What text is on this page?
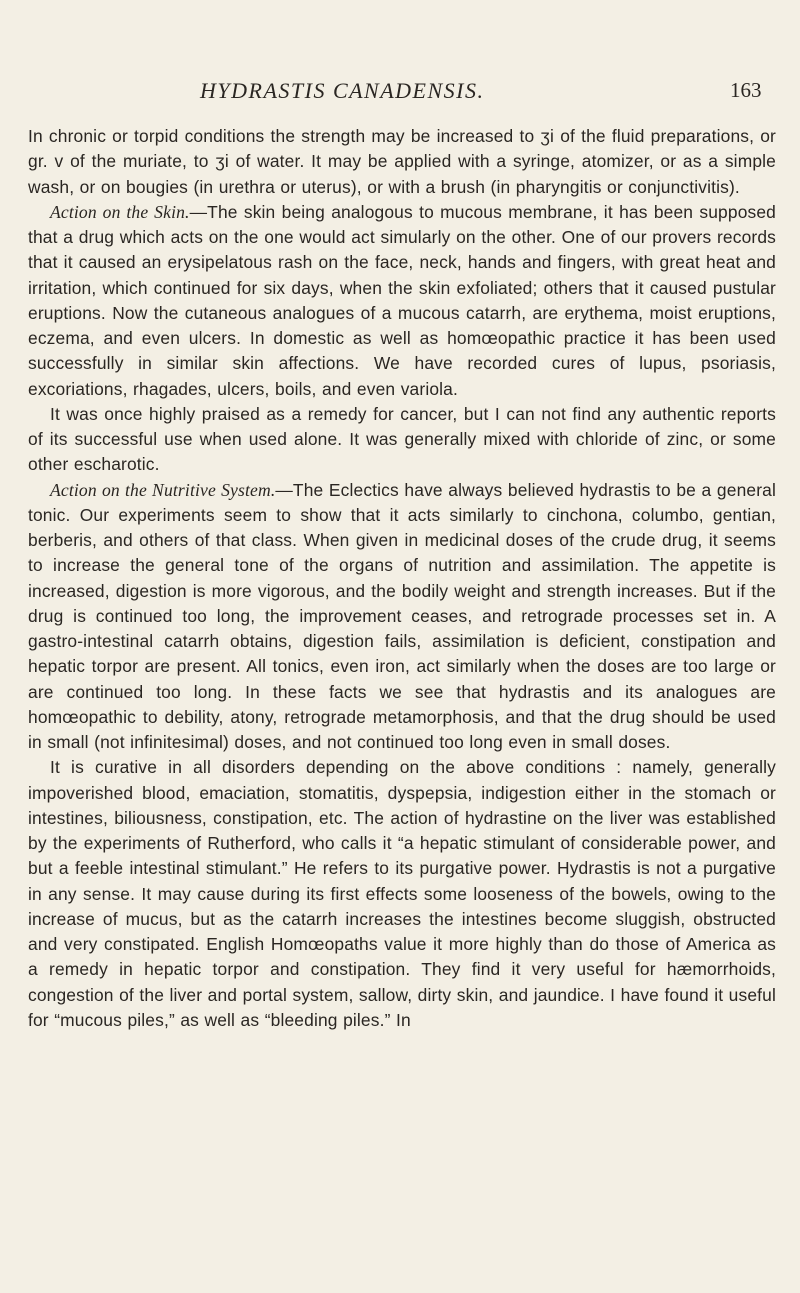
HYDRASTIS CANADENSIS.	163

In chronic or torpid conditions the strength may be increased to ʒi of the fluid preparations, or gr. v of the muriate, to ʒi of water. It may be applied with a syringe, atomizer, or as a simple wash, or on bougies (in urethra or uterus), or with a brush (in pharyngitis or conjunctivitis).

Action on the Skin.—The skin being analogous to mucous membrane, it has been supposed that a drug which acts on the one would act simularly on the other. One of our provers records that it caused an erysipelatous rash on the face, neck, hands and fingers, with great heat and irritation, which continued for six days, when the skin exfoliated; others that it caused pustular eruptions. Now the cutaneous analogues of a mucous catarrh, are erythema, moist eruptions, eczema, and even ulcers. In domestic as well as homœopathic practice it has been used successfully in similar skin affections. We have recorded cures of lupus, psoriasis, excoriations, rhagades, ulcers, boils, and even variola.

It was once highly praised as a remedy for cancer, but I can not find any authentic reports of its successful use when used alone. It was generally mixed with chloride of zinc, or some other escharotic.

Action on the Nutritive System.—The Eclectics have always believed hydrastis to be a general tonic. Our experiments seem to show that it acts similarly to cinchona, columbo, gentian, berberis, and others of that class. When given in medicinal doses of the crude drug, it seems to increase the general tone of the organs of nutrition and assimilation. The appetite is increased, digestion is more vigorous, and the bodily weight and strength increases. But if the drug is continued too long, the improvement ceases, and retrograde processes set in. A gastro-intestinal catarrh obtains, digestion fails, assimilation is deficient, constipation and hepatic torpor are present. All tonics, even iron, act similarly when the doses are too large or are continued too long. In these facts we see that hydrastis and its analogues are homœopathic to debility, atony, retrograde metamorphosis, and that the drug should be used in small (not infinitesimal) doses, and not continued too long even in small doses.

It is curative in all disorders depending on the above conditions : namely, generally impoverished blood, emaciation, stomatitis, dyspepsia, indigestion either in the stomach or intestines, biliousness, constipation, etc. The action of hydrastine on the liver was established by the experiments of Rutherford, who calls it “a hepatic stimulant of considerable power, and but a feeble intestinal stimulant.” He refers to its purgative power. Hydrastis is not a purgative in any sense. It may cause during its first effects some looseness of the bowels, owing to the increase of mucus, but as the catarrh increases the intestines become sluggish, obstructed and very constipated. English Homœopaths value it more highly than do those of America as a remedy in hepatic torpor and constipation. They find it very useful for hæmorrhoids, congestion of the liver and portal system, sallow, dirty skin, and jaundice. I have found it useful for “mucous piles,” as well as “bleeding piles.” In
